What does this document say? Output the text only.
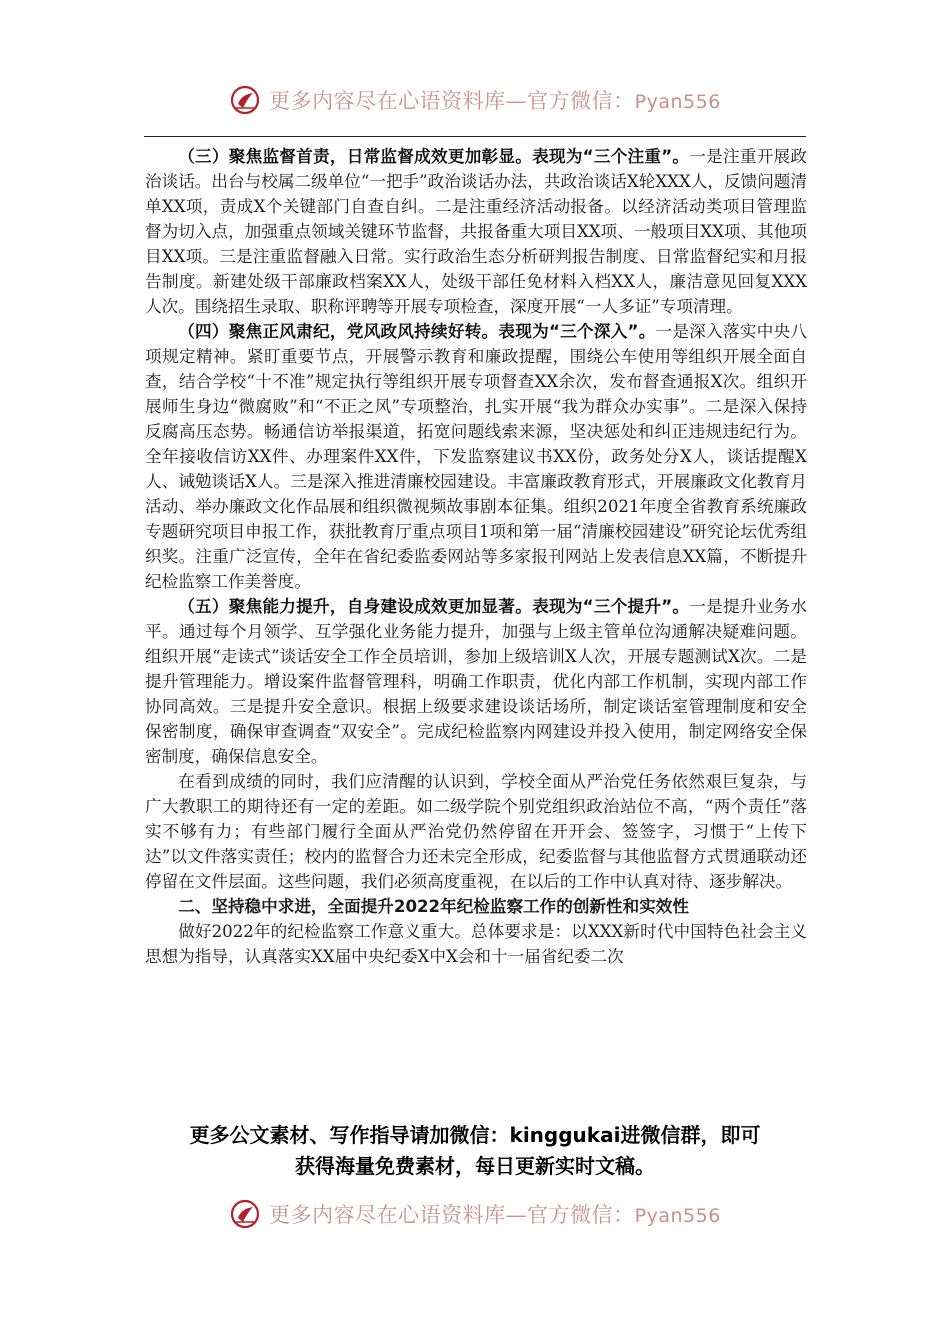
更多内容尽在心语资料库—官方微信：Pyan556

（三）聚焦监督首责，日常监督成效更加彰显。表现为“三个注重”。一是注重开展政治谈话。出台与校属二级单位“一把手”政治谈话办法，共政治谈话X轮XXX人，反馈问题清单XX项，责成X个关键部门自查自纠。二是注重经济活动报备。以经济活动类项目管理监督为切入点，加强重点领域关键环节监督，共报备重大项目XX项、一般项目XX项、其他项目XX项。三是注重监督融入日常。实行政治生态分析研判报告制度、日常监督纪实和月报告制度。新建处级干部廉政档案XX人，处级干部任免材料入档XX人，廉洁意见回复XXX人次。围绕招生录取、职称评聘等开展专项检查，深度开展“一人多证”专项清理。

（四）聚焦正风肃纪，党风政风持续好转。表现为“三个深入”。一是深入落实中央八项规定精神。紧盯重要节点，开展警示教育和廉政提醒，围绕公车使用等组织开展全面自查，结合学校“十不准”规定执行等组织开展专项督查XX余次，发布督查通报X次。组织开展师生身边“微腐败”和“不正之风”专项整治，扎实开展“我为群众办实事”。二是深入保持反腐高压态势。畅通信访举报渠道，拓宽问题线索来源，坚决惩处和纠正违规违纪行为。全年接收信访XX件、办理案件XX件，下发监察建议书XX份，政务处分X人，谈话提醒X人、诫勉谈话X人。三是深入推进清廉校园建设。丰富廉政教育形式，开展廉政文化教育月活动、举办廉政文化作品展和组织微视频故事剧本征集。组织2021年度全省教育系统廉政专题研究项目申报工作，获批教育厅重点项目1项和第一届“清廉校园建设”研究论坛优秀组织奖。注重广泛宣传，全年在省纪委监委网站等多家报刊网站上发表信息XX篇，不断提升纪检监察工作美誉度。

（五）聚焦能力提升，自身建设成效更加显著。表现为“三个提升”。一是提升业务水平。通过每个月领学、互学强化业务能力提升，加强与上级主管单位沟通解决疑难问题。组织开展“走读式”谈话安全工作全员培训，参加上级培训X人次，开展专题测试X次。二是提升管理能力。增设案件监督管理科，明确工作职责，优化内部工作机制，实现内部工作协同高效。三是提升安全意识。根据上级要求建设谈话场所，制定谈话室管理制度和安全保密制度，确保审查调查“双安全”。完成纪检监察内网建设并投入使用，制定网络安全保密制度，确保信息安全。

在看到成绩的同时，我们应清醒的认识到，学校全面从严治党任务依然艰巨复杂，与广大教职工的期待还有一定的差距。如二级学院个别党组织政治站位不高，“两个责任”落实不够有力；有些部门履行全面从严治党仍然停留在开开会、签签字，习惯于“上传下达”以文件落实责任；校内的监督合力还未完全形成，纪委监督与其他监督方式贯通联动还停留在文件层面。这些问题，我们必须高度重视，在以后的工作中认真对待、逐步解决。

二、坚持稳中求进，全面提升2022年纪检监察工作的创新性和实效性

做好2022年的纪检监察工作意义重大。总体要求是：以XXX新时代中国特色社会主义思想为指导，认真落实XX届中央纪委X中X会和十一届省纪委二次

更多公文素材、写作指导请加微信：kinggukai进微信群，即可
获得海量免费素材，每日更新实时文稿。
更多内容尽在心语资料库—官方微信：Pyan556
